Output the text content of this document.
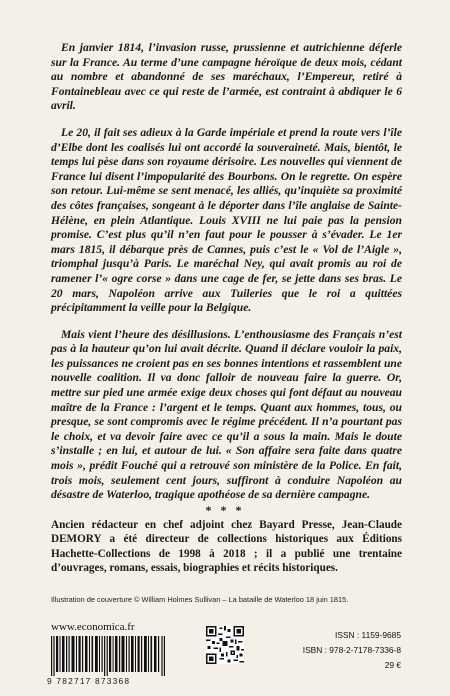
En janvier 1814, l’invasion russe, prussienne et autrichienne déferle sur la France. Au terme d’une campagne héroïque de deux mois, cédant au nombre et abandonné de ses maréchaux, l’Empereur, retiré à Fontainebleau avec ce qui reste de l’armée, est contraint à abdiquer le 6 avril.

Le 20, il fait ses adieux à la Garde impériale et prend la route vers l’île d’Elbe dont les coalisés lui ont accordé la souveraineté. Mais, bientôt, le temps lui pèse dans son royaume dérisoire. Les nouvelles qui viennent de France lui disent l’impopularité des Bourbons. On le regrette. On espère son retour. Lui-même se sent menacé, les alliés, qu’inquiète sa proximité des côtes françaises, songeant à le déporter dans l’île anglaise de Sainte-Hélène, en plein Atlantique. Louis XVIII ne lui paie pas la pension promise. C’est plus qu’il n’en faut pour le pousser à s’évader. Le 1er mars 1815, il débarque près de Cannes, puis c’est le « Vol de l’Aigle », triomphal jusqu’à Paris. Le maréchal Ney, qui avait promis au roi de ramener l’« ogre corse » dans une cage de fer, se jette dans ses bras. Le 20 mars, Napoléon arrive aux Tuileries que le roi a quittées précipitamment la veille pour la Belgique.

Mais vient l’heure des désillusions. L’enthousiasme des Français n’est pas à la hauteur qu’on lui avait décrite. Quand il déclare vouloir la paix, les puissances ne croient pas en ses bonnes intentions et rassemblent une nouvelle coalition. Il va donc falloir de nouveau faire la guerre. Or, mettre sur pied une armée exige deux choses qui font défaut au nouveau maître de la France : l’argent et le temps. Quant aux hommes, tous, ou presque, se sont compromis avec le régime précédent. Il n’a pourtant pas le choix, et va devoir faire avec ce qu’il a sous la main. Mais le doute s’installe ; en lui, et autour de lui. « Son affaire sera faite dans quatre mois », prédit Fouché qui a retrouvé son ministère de la Police. En fait, trois mois, seulement cent jours, suffiront à conduire Napoléon au désastre de Waterloo, tragique apothéose de sa dernière campagne.

* * *
Ancien rédacteur en chef adjoint chez Bayard Presse, Jean-Claude DEMORY a été directeur de collections historiques aux Éditions Hachette-Collections de 1998 à 2018 ; il a publié une trentaine d’ouvrages, romans, essais, biographies et récits historiques.
Illustration de couverture © William Holmes Sullivan – La bataille de Waterloo 18 juin 1815.
www.economica.fr
9 782717 873368
ISSN : 1159-9685
ISBN : 978-2-7178-7336-8
29 €
